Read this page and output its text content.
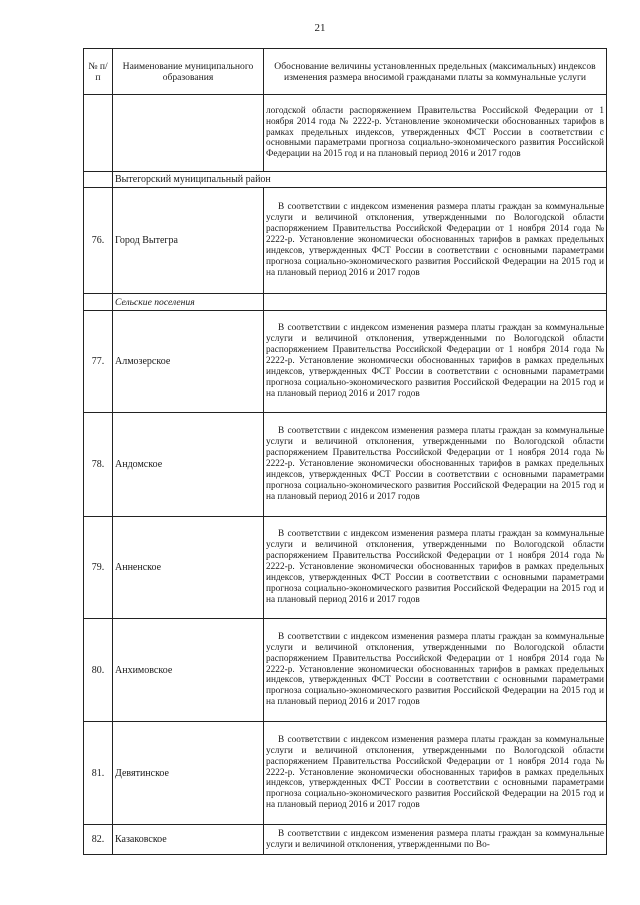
21
№ п/п	Наименование муниципального образования	Обоснование величины установленных предельных (максимальных) индексов изменения размера вносимой гражданами платы за коммунальные услуги
		логодской области распоряжением Правительства Российской Федерации от 1 ноября 2014 года № 2222-р. Установление экономически обоснованных тарифов в рамках предельных индексов, утвержденных ФСТ России в соответствии с основными параметрами прогноза социально-экономического развития Российской Федерации на 2015 год и на плановый период 2016 и 2017 годов
	Вытегорский муниципальный район	
76.	Город Вытегра	В соответствии с индексом изменения размера платы граждан за коммунальные услуги и величиной отклонения, утвержденными по Вологодской области распоряжением Правительства Российской Федерации от 1 ноября 2014 года № 2222-р. Установление экономически обоснованных тарифов в рамках предельных индексов, утвержденных ФСТ России в соответствии с основными параметрами прогноза социально-экономического развития Российской Федерации на 2015 год и на плановый период 2016 и 2017 годов
	Сельские поселения	
77.	Алмозерское	В соответствии с индексом изменения размера платы граждан за коммунальные услуги и величиной отклонения, утвержденными по Вологодской области распоряжением Правительства Российской Федерации от 1 ноября 2014 года № 2222-р. Установление экономически обоснованных тарифов в рамках предельных индексов, утвержденных ФСТ России в соответствии с основными параметрами прогноза социально-экономического развития Российской Федерации на 2015 год и на плановый период 2016 и 2017 годов
78.	Андомское	В соответствии с индексом изменения размера платы граждан за коммунальные услуги и величиной отклонения, утвержденными по Вологодской области распоряжением Правительства Российской Федерации от 1 ноября 2014 года № 2222-р. Установление экономически обоснованных тарифов в рамках предельных индексов, утвержденных ФСТ России в соответствии с основными параметрами прогноза социально-экономического развития Российской Федерации на 2015 год и на плановый период 2016 и 2017 годов
79.	Анненское	В соответствии с индексом изменения размера платы граждан за коммунальные услуги и величиной отклонения, утвержденными по Вологодской области распоряжением Правительства Российской Федерации от 1 ноября 2014 года № 2222-р. Установление экономически обоснованных тарифов в рамках предельных индексов, утвержденных ФСТ России в соответствии с основными параметрами прогноза социально-экономического развития Российской Федерации на 2015 год и на плановый период 2016 и 2017 годов
80.	Анхимовское	В соответствии с индексом изменения размера платы граждан за коммунальные услуги и величиной отклонения, утвержденными по Вологодской области распоряжением Правительства Российской Федерации от 1 ноября 2014 года № 2222-р. Установление экономически обоснованных тарифов в рамках предельных индексов, утвержденных ФСТ России в соответствии с основными параметрами прогноза социально-экономического развития Российской Федерации на 2015 год и на плановый период 2016 и 2017 годов
81.	Девятинское	В соответствии с индексом изменения размера платы граждан за коммунальные услуги и величиной отклонения, утвержденными по Вологодской области распоряжением Правительства Российской Федерации от 1 ноября 2014 года № 2222-р. Установление экономически обоснованных тарифов в рамках предельных индексов, утвержденных ФСТ России в соответствии с основными параметрами прогноза социально-экономического развития Российской Федерации на 2015 год и на плановый период 2016 и 2017 годов
82.	Казаковское	В соответствии с индексом изменения размера платы граждан за коммунальные услуги и величиной отклонения, утвержденными по Во-
